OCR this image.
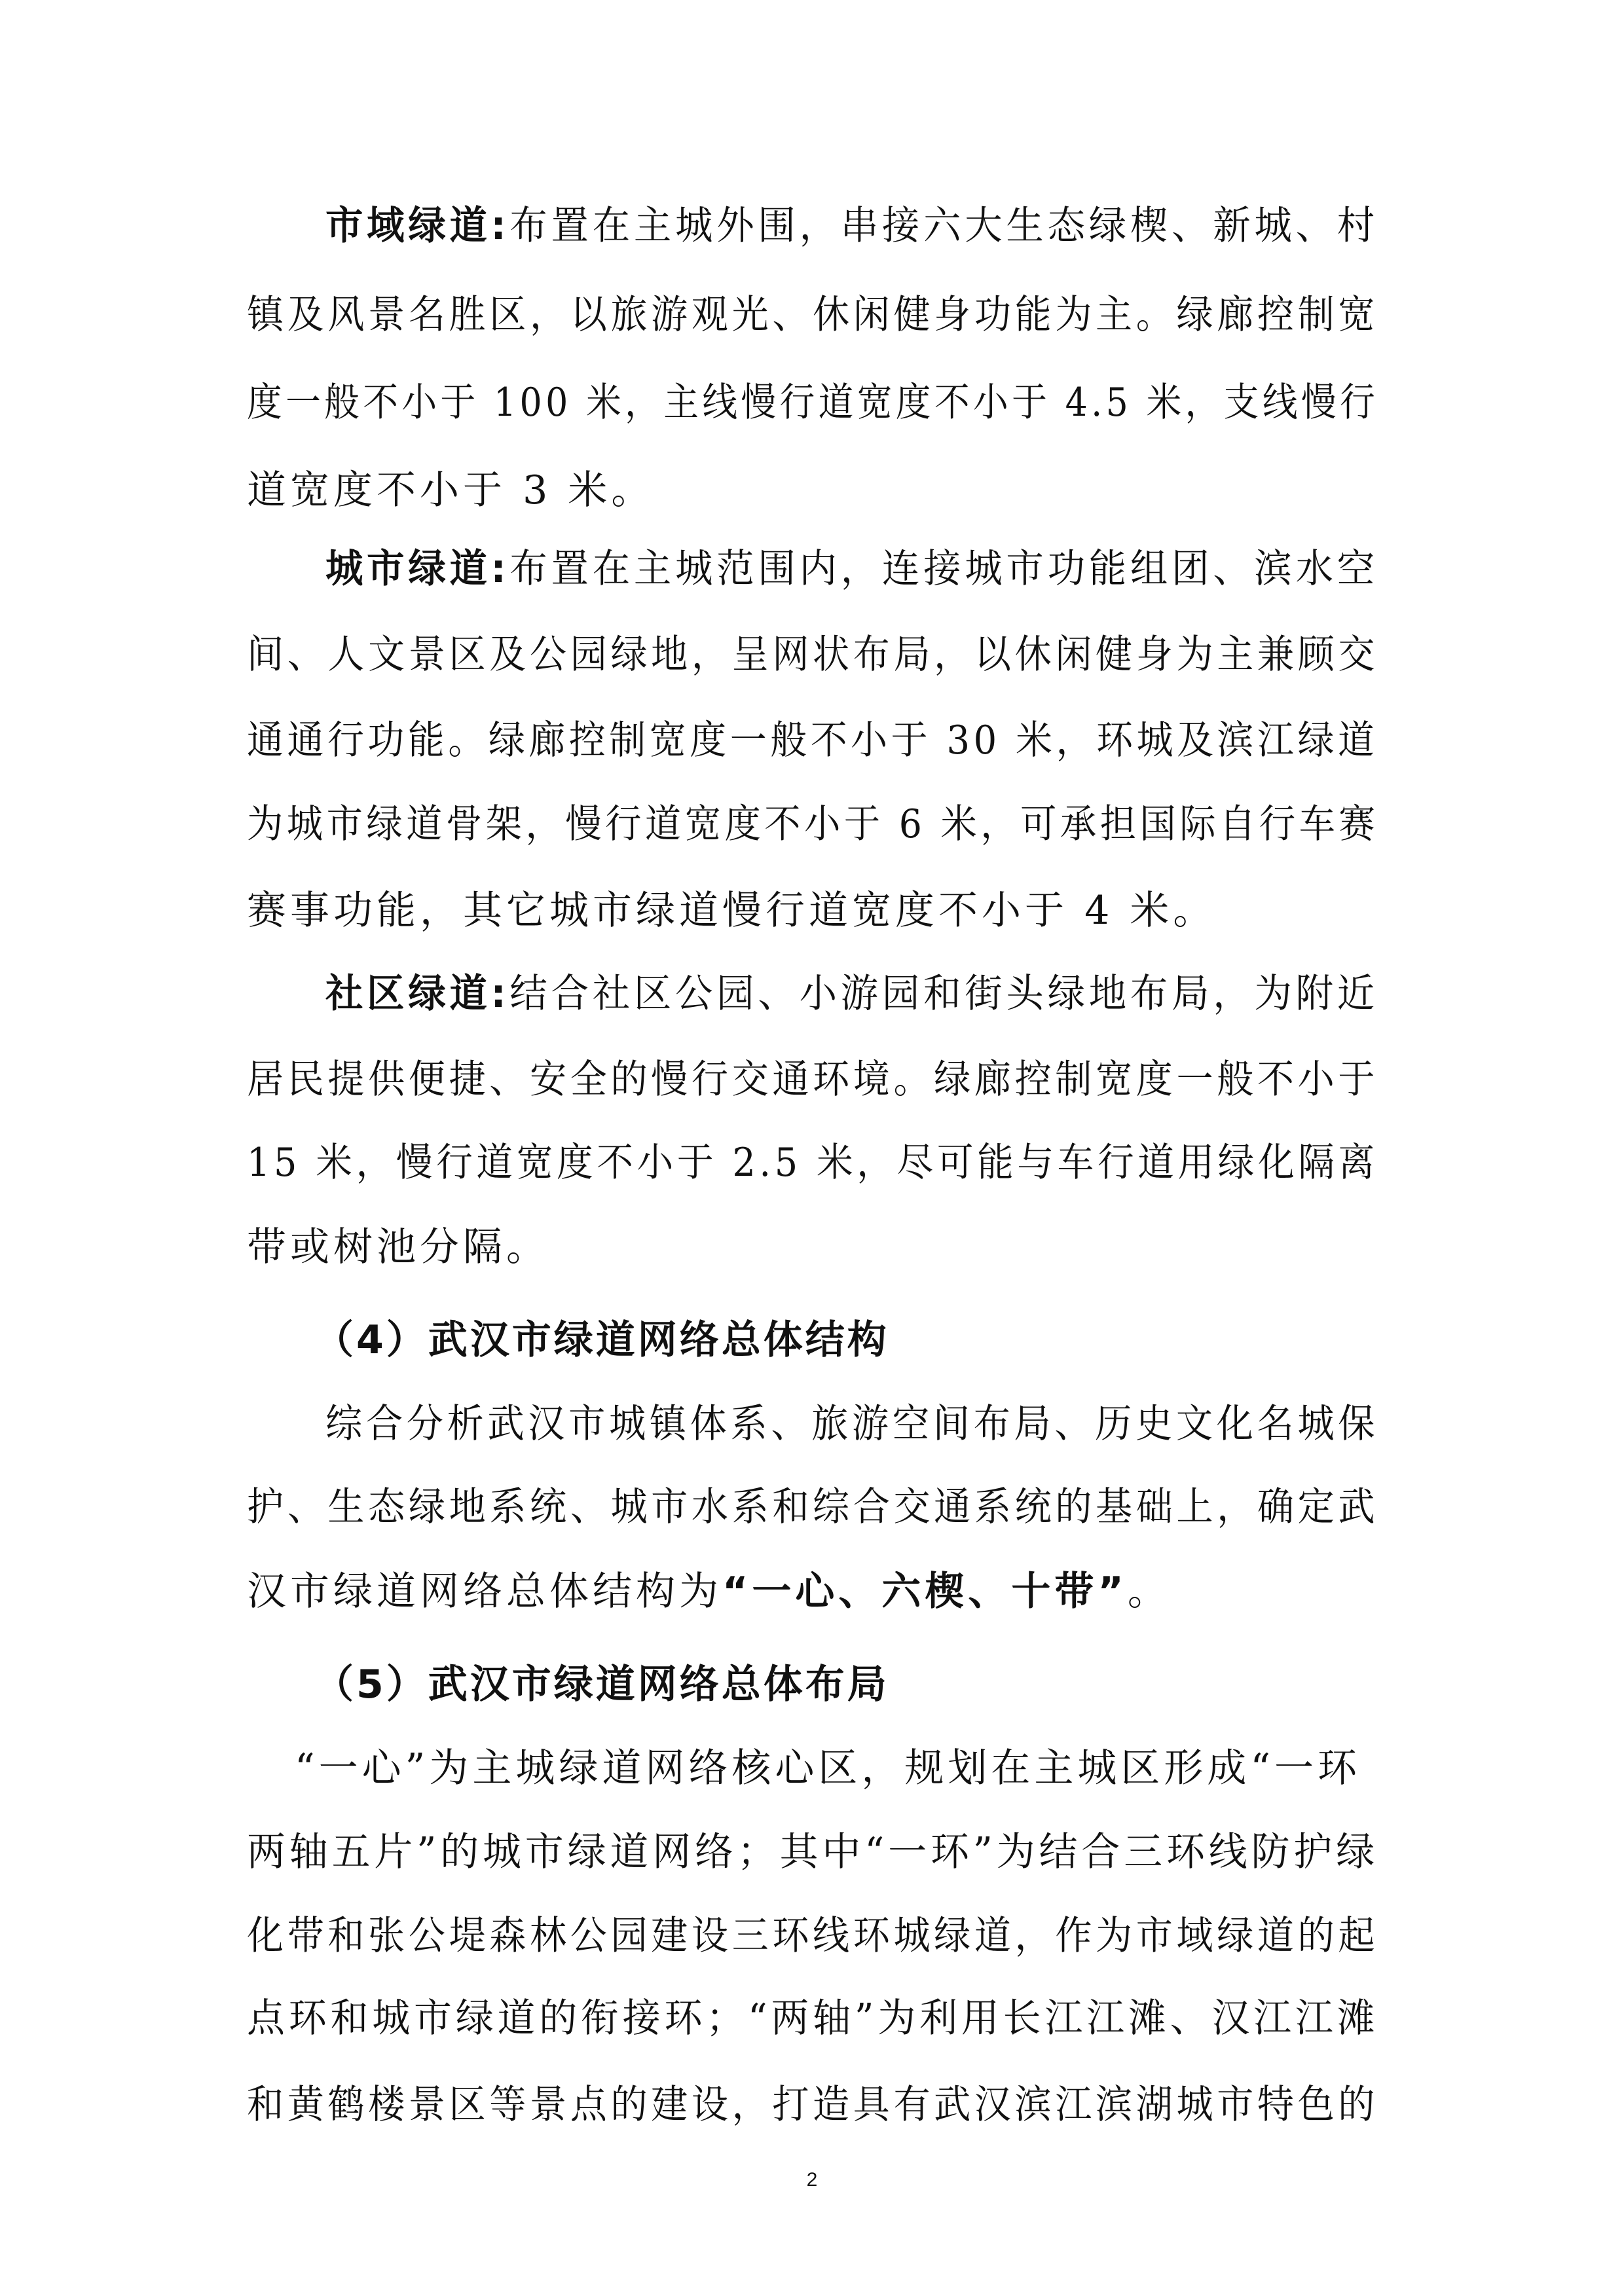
市域绿道:布置在主城外围，串接六大生态绿楔、新城、村
镇及风景名胜区，以旅游观光、休闲健身功能为主。绿廊控制宽
度一般不小于 100 米，主线慢行道宽度不小于 4.5 米，支线慢行
道宽度不小于 3 米。
城市绿道:布置在主城范围内，连接城市功能组团、滨水空
间、人文景区及公园绿地，呈网状布局，以休闲健身为主兼顾交
通通行功能。绿廊控制宽度一般不小于 30 米，环城及滨江绿道
为城市绿道骨架，慢行道宽度不小于 6 米，可承担国际自行车赛
赛事功能，其它城市绿道慢行道宽度不小于 4 米。
社区绿道:结合社区公园、小游园和街头绿地布局，为附近
居民提供便捷、安全的慢行交通环境。绿廊控制宽度一般不小于
15 米，慢行道宽度不小于 2.5 米，尽可能与车行道用绿化隔离
带或树池分隔。
（4）武汉市绿道网络总体结构
综合分析武汉市城镇体系、旅游空间布局、历史文化名城保
护、生态绿地系统、城市水系和综合交通系统的基础上，确定武
汉市绿道网络总体结构为“一心、六楔、十带”。
（5）武汉市绿道网络总体布局
“一心”为主城绿道网络核心区，规划在主城区形成“一环
两轴五片”的城市绿道网络；其中“一环”为结合三环线防护绿
化带和张公堤森林公园建设三环线环城绿道，作为市域绿道的起
点环和城市绿道的衔接环；“两轴”为利用长江江滩、汉江江滩
和黄鹤楼景区等景点的建设，打造具有武汉滨江滨湖城市特色的
2
